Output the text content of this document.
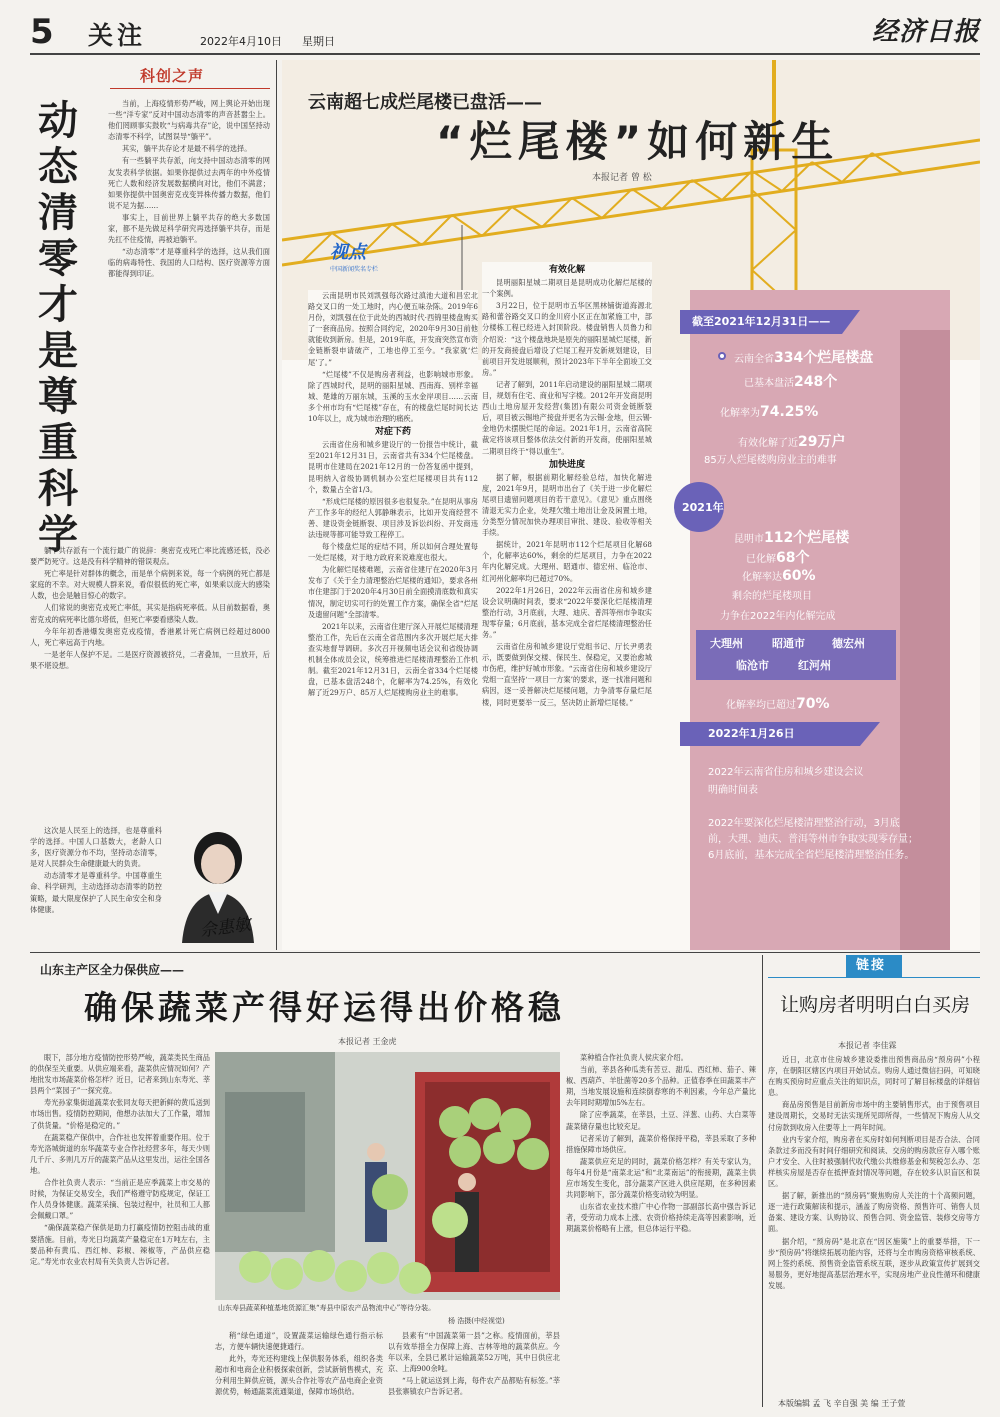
5 关注	2022年4月10日 星期日	经济日报
科创之声
动态清零才是尊重科学

当前，上海疫情形势严峻，网上舆论开始出现一些“洋专家”反对中国动态清零的声音甚嚣尘上。他们罔顾事实鼓吹“与病毒共存”论，说中国坚持动态清零不科学，试图误导“躺平”。

其实，躺平共存论才是最不科学的选择。

有一些躺平共存派，向支持中国动态清零的网友发表科学依据。如果你提供过去两年的中外疫情死亡人数和经济发展数据横向对比，他们不满意；如果你提供中国奥密克戎变异株传播力数据，他们说不足为据……

事实上，目前世界上躺平共存的绝大多数国家，都不是先做足科学研究再选择躺平共存，而是先扛不住疫情，再被迫躺平。

“动态清零”才是尊重科学的选择，这从我们面临的病毒特性、我国的人口结构、医疗资源等方面都能得到印证。

躺平共存派有一个流行最广的说辞：奥密克戎死亡率比流感还低，没必要严防死守。这是没有科学精神的错误观点。

死亡率是针对群体的概念，而是单个病例来说，每一个病例的死亡都是家庭的不幸。对大规模人群来说，看似很低的死亡率，如果乘以庞大的感染人数，也会是触目惊心的数字。

人们常说的奥密克戎死亡率低，其实是指病死率低。从目前数据看，奥密克戎的病死率比德尔塔低，但死亡率要看感染人数。

今年年初香港爆发奥密克戎疫情，香港累计死亡病例已经超过8000人，死亡率远高于内地。

一是老年人保护不足。二是医疗资源被挤兑，二者叠加，一旦放开，后果不堪设想。

这次是人民至上的选择，也是尊重科学的选择。中国人口基数大，老龄人口多，医疗资源分布不均，坚持动态清零，是对人民群众生命健康最大的负责。

动态清零才是尊重科学。中国尊重生命、科学研判，主动选择动态清零的防控策略，最大限度保护了人民生命安全和身体健康。

佘惠敏
云南超七成烂尾楼已盘活——
“烂尾楼”如何新生
本报记者 曾 松
视点
中国新闻奖名专栏

云南昆明市民刘凯强每次路过滇池大道和昌宏北路交叉口的一处工地时，内心便五味杂陈。2019年6月份，刘凯强在位于此处的西城时代·西锦里楼盘购买了一套商品房。按照合同约定，2020年9月30日前他就能收到新房。但是，2019年底，开发商突然宣布资金链断裂申请破产，工地也停工至今。“我家就‘烂尾’了。”

“烂尾楼”不仅是购房者利益，也影响城市形象。除了西城时代，昆明的丽阳星城、西南海、别样幸福城、楚雄的万丽东城，玉溪的玉水金岸项目……云南多个州市均有“烂尾楼”存在，有的楼盘烂尾时间长达10年以上，成为城市治理的痛疾。

对症下药

云南省住房和城乡建设厅的一份报告中统计，截至2021年12月31日，云南省共有334个烂尾楼盘。昆明市住建局在2021年12月的一份答复函中提到，昆明纳入省级协调机制办公室烂尾楼项目共有112个，数量占全省1/3。

“形成烂尾楼的原因很多也很复杂。”在昆明从事房产工作多年的经纪人郭静琳表示，比如开发商经营不善、建设资金链断裂、项目涉及诉讼纠纷、开发商违法违规等都可能导致工程停工。

每个楼盘烂尾的症结不同，所以如何合理处置每一处烂尾楼，对于地方政府来说难度也很大。

为化解烂尾楼难题，云南省住建厅在2020年3月发布了《关于全力清理整治烂尾楼的通知》，要求各州市住建部门于2020年4月30日前全面摸清底数和真实情况，制定切实可行的处置工作方案，确保全省“烂尾及遗留问题”全部清零。

2021年以来，云南省住建厅深入开展烂尾楼清理整治工作，先后在云南全省范围内多次开展烂尾大排查实地督导调研。多次召开视频电话会议和省级协调机制全体成员会议，统筹推进烂尾楼清理整治工作机制。截至2021年12月31日，云南全省334个烂尾楼盘，已基本盘活248个，化解率为74.25%，有效化解了近29万户、85万人烂尾楼购房业主的难事。

有效化解

昆明丽阳星城二期项目是昆明成功化解烂尾楼的一个案例。

3月22日，位于昆明市五华区黑林铺街道海源北路和蕾谷路交叉口的金川府小区正在加紧施工中，部分楼栋工程已经进入封顶阶段。楼盘销售人员鲁力和介绍说：“这个楼盘地块是原先的丽阳星城烂尾楼，新的开发商接盘后增设了烂尾工程开发新规划建设，目前项目开发进展顺利，预计2023年下半年全面竣工交房。”

记者了解到，2011年启动建设的丽阳星城二期项目，规划有住宅、商业和写字楼。2012年开发商昆明西山土地房屋开发经营(集团)有限公司资金链断裂后，项目被云锡地产接盘并更名为云锡·金地，但云锡·金地仍未摆脱烂尾的命运。2021年1月，云南省高院裁定将该项目整体依法交付新的开发商，使丽阳星城二期项目终于“得以重生”。

加快进度

据了解，根据前期化解经验总结，加快化解进度，2021年9月，昆明市出台了《关于进一步化解烂尾项目遗留问题项目的若干意见》。《意见》重点围绕清退无实力企业，处理欠缴土地出让金及闲置土地，分类型分情况加快办理项目审批、建设、验收等相关手续。

据统计，2021年昆明市112个烂尾项目化解68个，化解率达60%，剩余的烂尾项目，力争在2022年内化解完成。大理州、昭通市、德宏州、临沧市、红河州化解率均已超过70%。

2022年1月26日，2022年云南省住房和城乡建设会议明确时间表，要求“2022年要深化烂尾楼清理整治行动，3月底前，大理、迪庆、普洱等州市争取实现零存量；6月底前，基本完成全省烂尾楼清理整治任务。”

云南省住房和城乡建设厅党组书记、厅长尹勇表示，既要做到保交楼、保民生、保稳定，又要治愈城市伤疤，维护好城市形象。“云南省住房和城乡建设厅党组一直坚持‘一项目一方案’的要求，逐一找准问题和病因，逐一妥善解决烂尾楼问题，力争清零存量烂尾楼，同时更要举一反三，坚决防止新增烂尾楼。”

截至2021年12月31日——
云南全省334个烂尾楼盘
已基本盘活248个
化解率为74.25%
有效化解了近29万户
85万人烂尾楼购房业主的难事
2021年
昆明市112个烂尾楼
已化解68个
化解率达60%
剩余的烂尾楼项目
力争在2022年内化解完成
大理州	昭通市 德宏州
临沧市	红河州
化解率均已超过70%
2022年1月26日
2022年云南省住房和城乡建设会议
明确时间表
2022年要深化烂尾楼清理整治行动，3月底前，大理、迪庆、普洱等州市争取实现零存量；6月底前，基本完成全省烂尾楼清理整治任务。
山东主产区全力保供应——
确保蔬菜产得好运得出价格稳
本报记者 王金虎

眼下，部分地方疫情防控形势严峻，蔬菜类民生商品的供保至关重要。从供应端来看，蔬菜供应情况如何？产地批发市场蔬菜价格怎样？近日，记者来到山东寿光、莘县两个“菜园子”一探究竟。

寿光孙家集街道蔬菜农张同友每天把新鲜的黄瓜送到市场出售。疫情防控期间，他想办法加大了工作量，增加了供货量。“价格是稳定的。”

在蔬菜稳产保供中，合作社也发挥着重要作用。位于寿光洛城街道的东华蔬菜专业合作社经营多年，每天少则几千斤、多则几万斤的蔬菜产品从这里发出，运往全国各地。

合作社负责人表示：“当前正是应季蔬菜上市交易的时候，为保证交易安全，我们严格遵守防疫规定，保证工作人员身体健康。蔬菜采摘、包装过程中，社员和工人都会佩戴口罩。”

“确保蔬菜稳产保供是助力打赢疫情防控阻击战的重要措施。目前，寿光日均蔬菜产量稳定在1万吨左右，主要品种有黄瓜、西红柿、彩椒、辣椒等，产品供应稳定。”寿光市农业农村局有关负责人告诉记者。

山东寿县蔬菜种植基地货源汇集“寿县中原农产品物流中心”等待分装。
杨 浩摄(中经视觉)

稍“绿色通道”，设置蔬菜运输绿色通行指示标志，方便车辆快速便捷通行。

此外，寿光还构建线上保供服务体系，组织各类超市和电商企业积极探索创新，尝试新销售模式，充分利用生鲜供应链，源头合作社等农产品电商企业资源优势，畅通蔬菜流通渠道，保障市场供给。

县素有“中国蔬菜第一县”之称。疫情面前，莘县以有效举措全力保障上海、吉林等地的蔬菜供应。今年以来，全县已累计运输蔬菜52万吨，其中日供应北京、上海900余吨。

“马上就运送到上海，每件农产品都贴有标签。”莘县张寨镇农户告诉记者。

菜种植合作社负责人侯庆家介绍。

当前，莘县各种瓜类有苦豆、甜瓜、西红柿、茄子、辣椒、西葫芦、羊肚菌等20多个品种。正值春季在田蔬菜丰产期，当地发展设施和连续倒春寒的不利因素，今年总产量比去年同时期增加5%左右。

除了应季蔬菜，在莘县，土豆、洋葱、山药、大白菜等蔬菜储存量也比较充足。

记者采访了解到，蔬菜价格保持平稳，莘县采取了多种措施保障市场供应。

蔬菜供应充足的同时，蔬菜价格怎样？有关专家认为，每年4月份是“南菜北运”和“北菜南运”的衔接期，蔬菜主供应市场发生变化，部分蔬菜产区进入供应尾期，在多种因素共同影响下，部分蔬菜价格变动较为明显。

山东省农业技术推广中心作物一部副部长高中强告诉记者，受劳动力成本上涨、农资价格持续走高等因素影响，近期蔬菜价格略有上涨，但总体运行平稳。

链接
让购房者明明白白买房
本报记者 李佳霖

近日，北京市住房城乡建设委推出预售商品房“预房码”小程序，在朝阳区辖区内项目开始试点。购房人通过微信扫码，可知晓在购买预房时应重点关注的知识点，同时可了解目标楼盘的详细信息。

商品房预售是目前新房市场中的主要销售形式，由于预售项目建设周期长，交易时无法实现所见即所得，一些情况下购房人从交付房款到收房入住要等上一两年时间。

业内专家介绍，购房者在买房时如何判断项目是否合法、合同条款过多而没有时间仔细研究和阅读、交房的购房款应存入哪个账户才安全、入住时被强制代收代缴公共维修基金和契税怎么办、怎样核实房屋是否存在抵押查封情况等问题，存在较多认识盲区和误区。

据了解，新推出的“预房码”聚焦购房人关注的十个高频问题，逐一进行政策解读和提示，涵盖了购房资格、预售许可、销售人员备案、建设方案、认购协议、预售合同、资金监管、装修交房等方面。

据介绍，“预房码”是北京在“因区施策”上的重要举措，下一步“预房码”将继续拓展功能内容，还将与全市购房资格审核系统、网上签约系统、预售资金监管系统互联，逐步从政策宣传扩展到交易服务，更好地提高基层治理水平，实现房地产业良性循环和健康发展。

本版编辑 孟 飞 辛自强 美 编 王子萱
